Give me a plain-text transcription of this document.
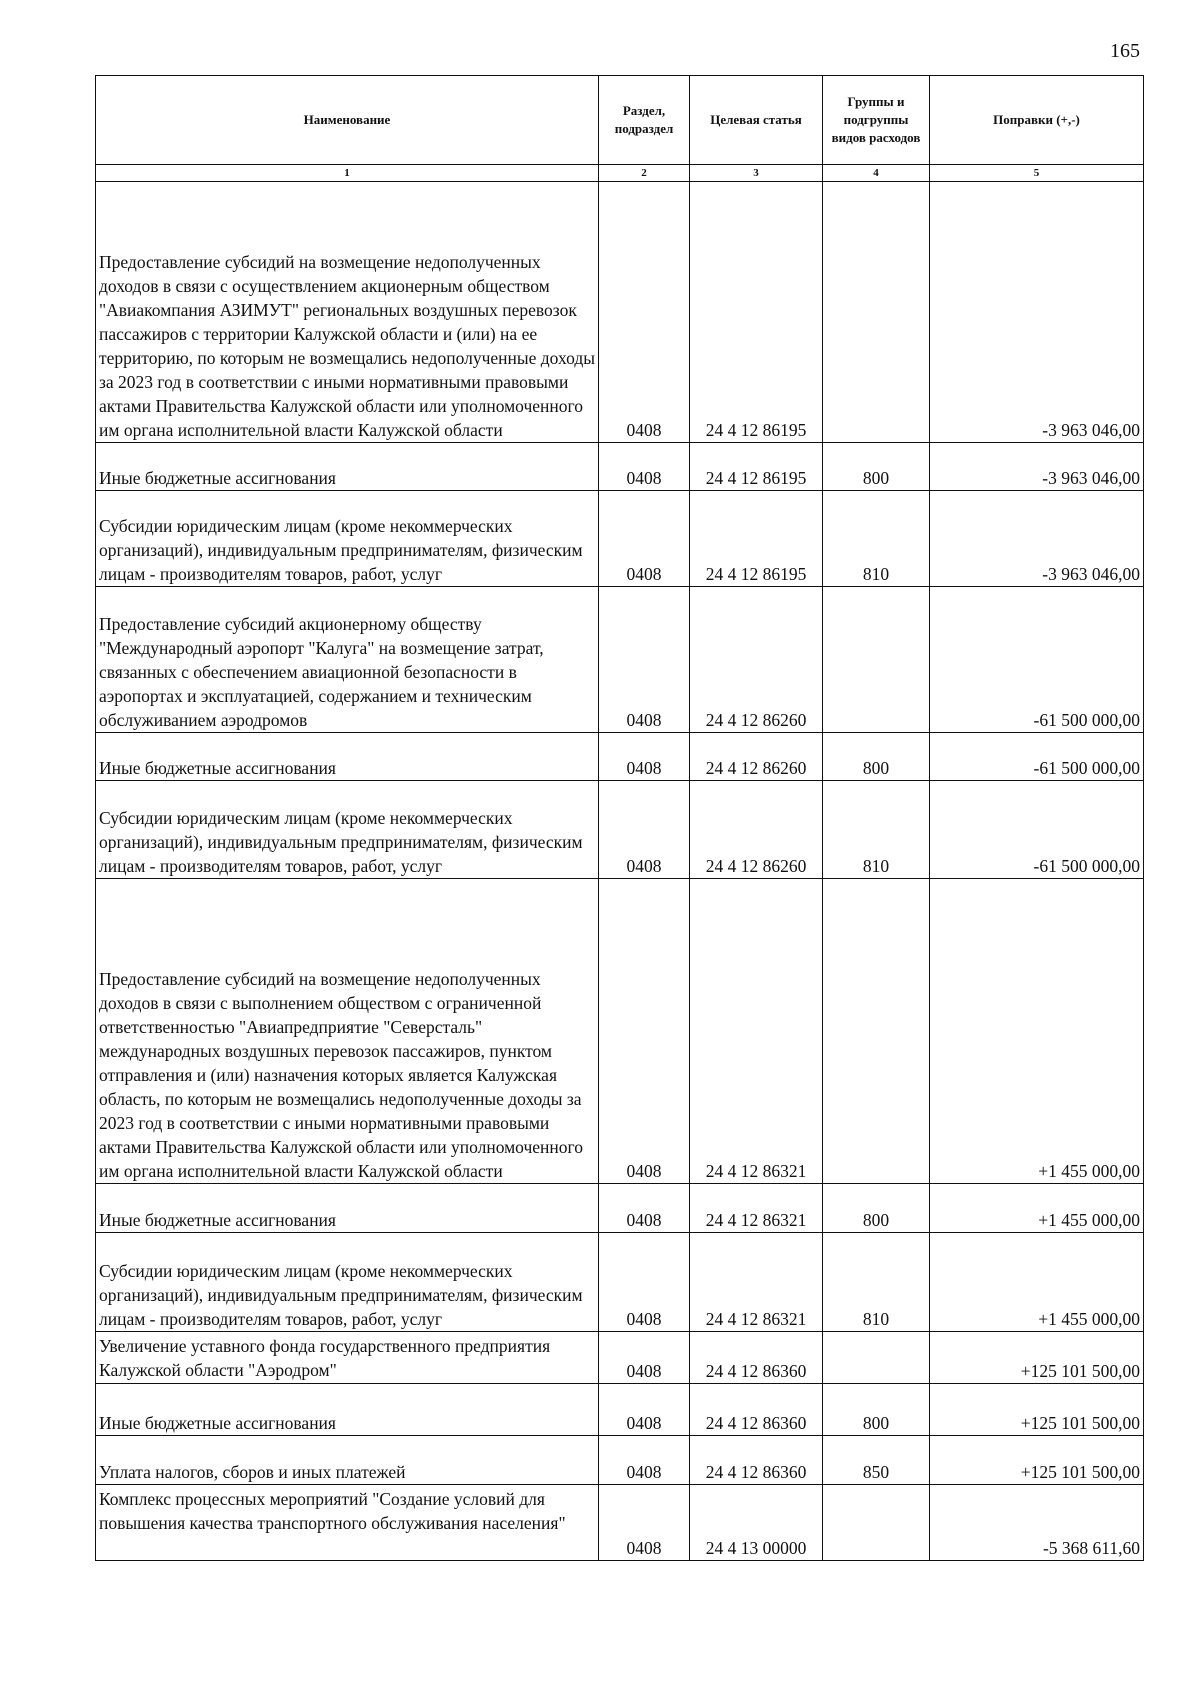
165
Наименование	Раздел, подраздел	Целевая статья	Группы и подгруппы видов расходов	Поправки (+,-)
1	2	3	4	5
Предоставление субсидий на возмещение недополученных доходов в связи с осуществлением акционерным обществом "Авиакомпания АЗИМУТ" региональных воздушных перевозок пассажиров с территории Калужской области и (или) на ее территорию, по которым не возмещались недополученные доходы за 2023 год в соответствии с иными нормативными правовыми актами Правительства Калужской области или уполномоченного им органа исполнительной власти Калужской области	0408	24 4 12 86195		-3 963 046,00
Иные бюджетные ассигнования	0408	24 4 12 86195	800	-3 963 046,00
Субсидии юридическим лицам (кроме некоммерческих организаций), индивидуальным предпринимателям, физическим лицам - производителям товаров, работ, услуг	0408	24 4 12 86195	810	-3 963 046,00
Предоставление субсидий акционерному обществу "Международный аэропорт "Калуга" на возмещение затрат, связанных с обеспечением авиационной безопасности в аэропортах и эксплуатацией, содержанием и техническим обслуживанием аэродромов	0408	24 4 12 86260		-61 500 000,00
Иные бюджетные ассигнования	0408	24 4 12 86260	800	-61 500 000,00
Субсидии юридическим лицам (кроме некоммерческих организаций), индивидуальным предпринимателям, физическим лицам - производителям товаров, работ, услуг	0408	24 4 12 86260	810	-61 500 000,00
Предоставление субсидий на возмещение недополученных доходов в связи с выполнением обществом с ограниченной ответственностью "Авиапредприятие "Северсталь" международных воздушных перевозок пассажиров, пунктом отправления и (или) назначения которых является Калужская область, по которым не возмещались недополученные доходы за 2023 год в соответствии с иными нормативными правовыми актами Правительства Калужской области или уполномоченного им органа исполнительной власти Калужской области	0408	24 4 12 86321		+1 455 000,00
Иные бюджетные ассигнования	0408	24 4 12 86321	800	+1 455 000,00
Субсидии юридическим лицам (кроме некоммерческих организаций), индивидуальным предпринимателям, физическим лицам - производителям товаров, работ, услуг	0408	24 4 12 86321	810	+1 455 000,00
Увеличение уставного фонда государственного предприятия Калужской области "Аэродром"	0408	24 4 12 86360		+125 101 500,00
Иные бюджетные ассигнования	0408	24 4 12 86360	800	+125 101 500,00
Уплата налогов, сборов и иных платежей	0408	24 4 12 86360	850	+125 101 500,00
Комплекс процессных мероприятий "Создание условий для повышения качества транспортного обслуживания населения"	0408	24 4 13 00000		-5 368 611,60
